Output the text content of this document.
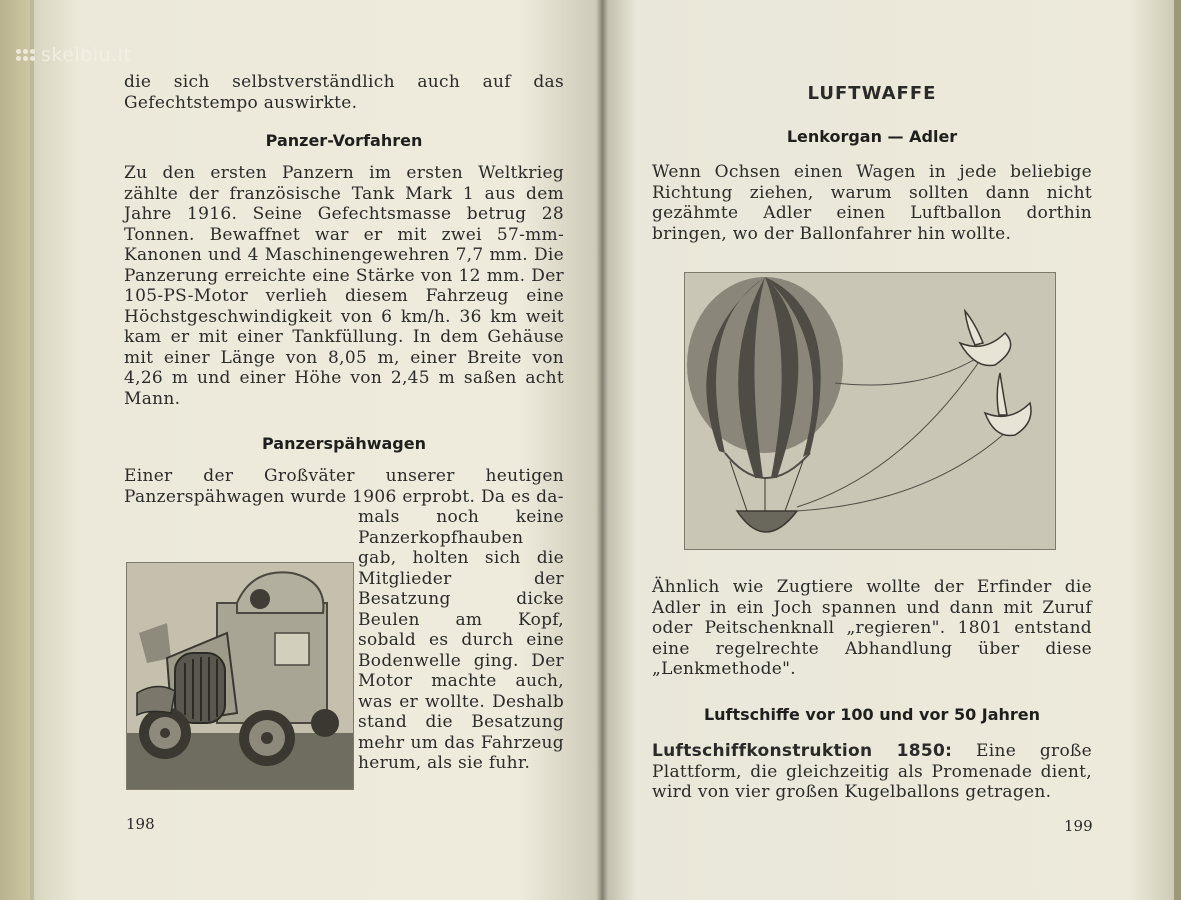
die sich selbstverständlich auch auf das Gefechtstempo auswirkte.

Panzer-Vorfahren

Zu den ersten Panzern im ersten Weltkrieg zählte der französische Tank Mark 1 aus dem Jahre 1916. Seine Gefechtsmasse betrug 28 Tonnen. Bewaffnet war er mit zwei 57-mm-Kanonen und 4 Maschinengewehren 7,7 mm. Die Panzerung erreichte eine Stärke von 12 mm. Der 105-PS-Motor verlieh diesem Fahrzeug eine Höchstgeschwindigkeit von 6 km/h. 36 km weit kam er mit einer Tankfüllung. In dem Gehäuse mit einer Länge von 8,05 m, einer Breite von 4,26 m und einer Höhe von 2,45 m saßen acht Mann.

Panzerspähwagen

Einer der Großväter unserer heutigen Panzerspähwagen wurde 1906 erprobt. Da es da-

mals noch keine Panzerkopfhauben gab, holten sich die Mitglieder der Besatzung dicke Beulen am Kopf, sobald es durch eine Bodenwelle ging. Der Motor machte auch, was er wollte. Deshalb stand die Besatzung mehr um das Fahrzeug herum, als sie fuhr.

198
LUFTWAFFE
Lenkorgan — Adler

Wenn Ochsen einen Wagen in jede beliebige Richtung ziehen, warum sollten dann nicht gezähmte Adler einen Luftballon dorthin bringen, wo der Ballonfahrer hin wollte.

Ähnlich wie Zugtiere wollte der Erfinder die Adler in ein Joch spannen und dann mit Zuruf oder Peitschenknall „regieren". 1801 entstand eine regelrechte Abhandlung über diese „Lenkmethode".

Luftschiffe vor 100 und vor 50 Jahren

Luftschiffkonstruktion 1850: Eine große Plattform, die gleichzeitig als Promenade dient, wird von vier großen Kugelballons getragen.

199
skelbiu.lt
